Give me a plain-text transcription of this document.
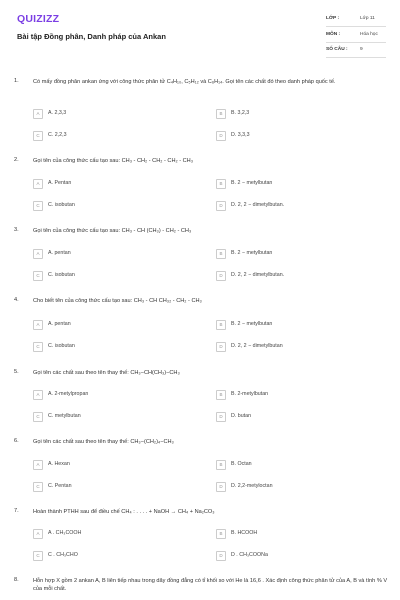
QUIZIZZ
Bài tập Đồng phân, Danh pháp của Ankan
LỚP :	Lớp 11
MÔN :	Hóa học
SỐ CÂU :	9
1.	Có mấy đồng phân ankan ứng với công thức phân tử C₄H₁₀, C₅H₁₂ và C₆H₁₄. Gọi tên các chất đó theo danh pháp quốc tế.
A	A. 2,3,3	B	B. 3,2,3
C	C. 2,2,3	D	D. 3,3,3
2.	Gọi tên của công thức cấu tạo sau: CH₃ - CH₂ - CH₂ - CH₂ - CH₃
A	A. Pentan	B	B. 2 − metylbutan
C	C. isobutan	D	D. 2, 2 − dimetylbutan.
3.	Gọi tên của công thức cấu tạo sau: CH₃ - CH (CH₃) - CH₂ - CH₃
A	A. pentan	B	B. 2 − metylbutan
C	C. isobutan	D	D. 2, 2 − dimetylbutan.
4.	Cho biết tên của công thức cấu tạo sau: CH₃ - CH CH₃₂ - CH₂ - CH₃
A	A. pentan	B	B. 2 − metylbutan
C	C. isobutan	D	D. 2, 2 − dimetylbutan
5.	Gọi tên các chất sau theo tên thay thế: CH₃−CH(CH₃)−CH₃
A	A. 2-metylpropan	B	B. 2-metylbutan
C	C. metylbutan	D	D. butan
6.	Gọi tên các chất sau theo tên thay thế: CH₃−(CH₂)₄−CH₃
A	A. Hexan	B	B. Octan
C	C. Pentan	D	D. 2,2-metyloctan
7.	Hoàn thành PTHH sau để điều chế CH₄ : . . . . + NaOH → CH₄ + Na₂CO₃
A	A . CH₃COOH	B	B. HCOOH
C	C . CH₃CHO	D	D . CH₃COONa
8.	Hỗn hợp X gồm 2 ankan A, B liên tiếp nhau trong dãy đồng đẳng có tỉ khối so với He là 16,6 . Xác định công thức phân tử của A, B và tính % V của mỗi chất.
